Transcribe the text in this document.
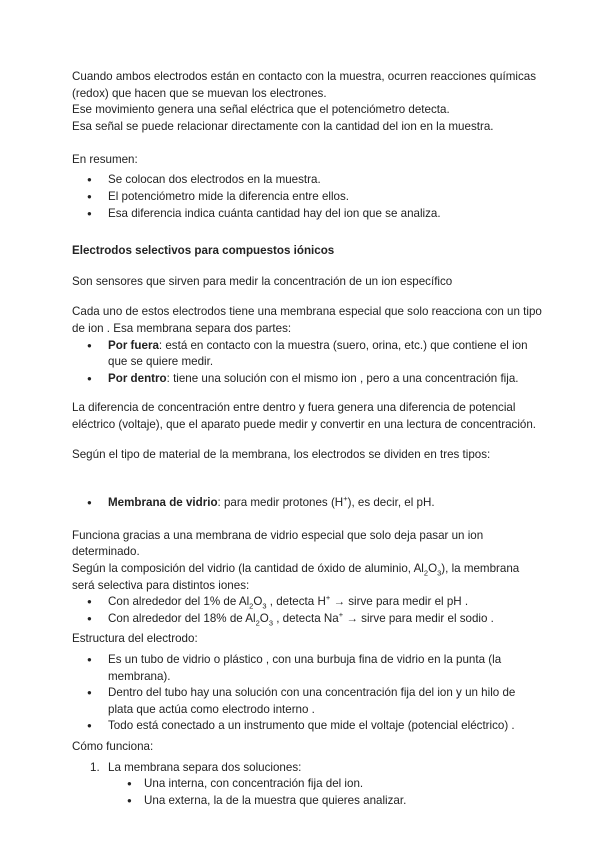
Cuando ambos electrodos están en contacto con la muestra, ocurren reacciones químicas (redox) que hacen que se muevan los electrones.

Ese movimiento genera una señal eléctrica que el potenciómetro detecta.

Esa señal se puede relacionar directamente con la cantidad del ion en la muestra.

En resumen:

● Se colocan dos electrodos en la muestra.
● El potenciómetro mide la diferencia entre ellos.
● Esa diferencia indica cuánta cantidad hay del ion que se analiza.

Electrodos selectivos para compuestos iónicos

Son sensores que sirven para medir la concentración de un ion específico

Cada uno de estos electrodos tiene una membrana especial que solo reacciona con un tipo de ion . Esa membrana separa dos partes:

● Por fuera: está en contacto con la muestra (suero, orina, etc.) que contiene el ion que se quiere medir.
● Por dentro: tiene una solución con el mismo ion , pero a una concentración fija.

La diferencia de concentración entre dentro y fuera genera una diferencia de potencial eléctrico (voltaje), que el aparato puede medir y convertir en una lectura de concentración.

Según el tipo de material de la membrana, los electrodos se dividen en tres tipos:

● Membrana de vidrio: para medir protones (H+), es decir, el pH.

Funciona gracias a una membrana de vidrio especial que solo deja pasar un ion determinado.

Según la composición del vidrio (la cantidad de óxido de aluminio, $Al_2O_3$), la membrana será selectiva para distintos iones:

● Con alrededor del 1% de $Al_2O_3$ , detecta H+ → sirve para medir el pH .
● Con alrededor del 18% de $Al_2O_3$ , detecta Na+ → sirve para medir el sodio .

Estructura del electrodo:

● Es un tubo de vidrio o plástico , con una burbuja fina de vidrio en la punta (la membrana).
● Dentro del tubo hay una solución con una concentración fija del ion y un hilo de plata que actúa como electrodo interno .
● Todo está conectado a un instrumento que mide el voltaje (potencial eléctrico) .

Cómo funciona:

1. La membrana separa dos soluciones:
● Una interna, con concentración fija del ion.
● Una externa, la de la muestra que quieres analizar.
